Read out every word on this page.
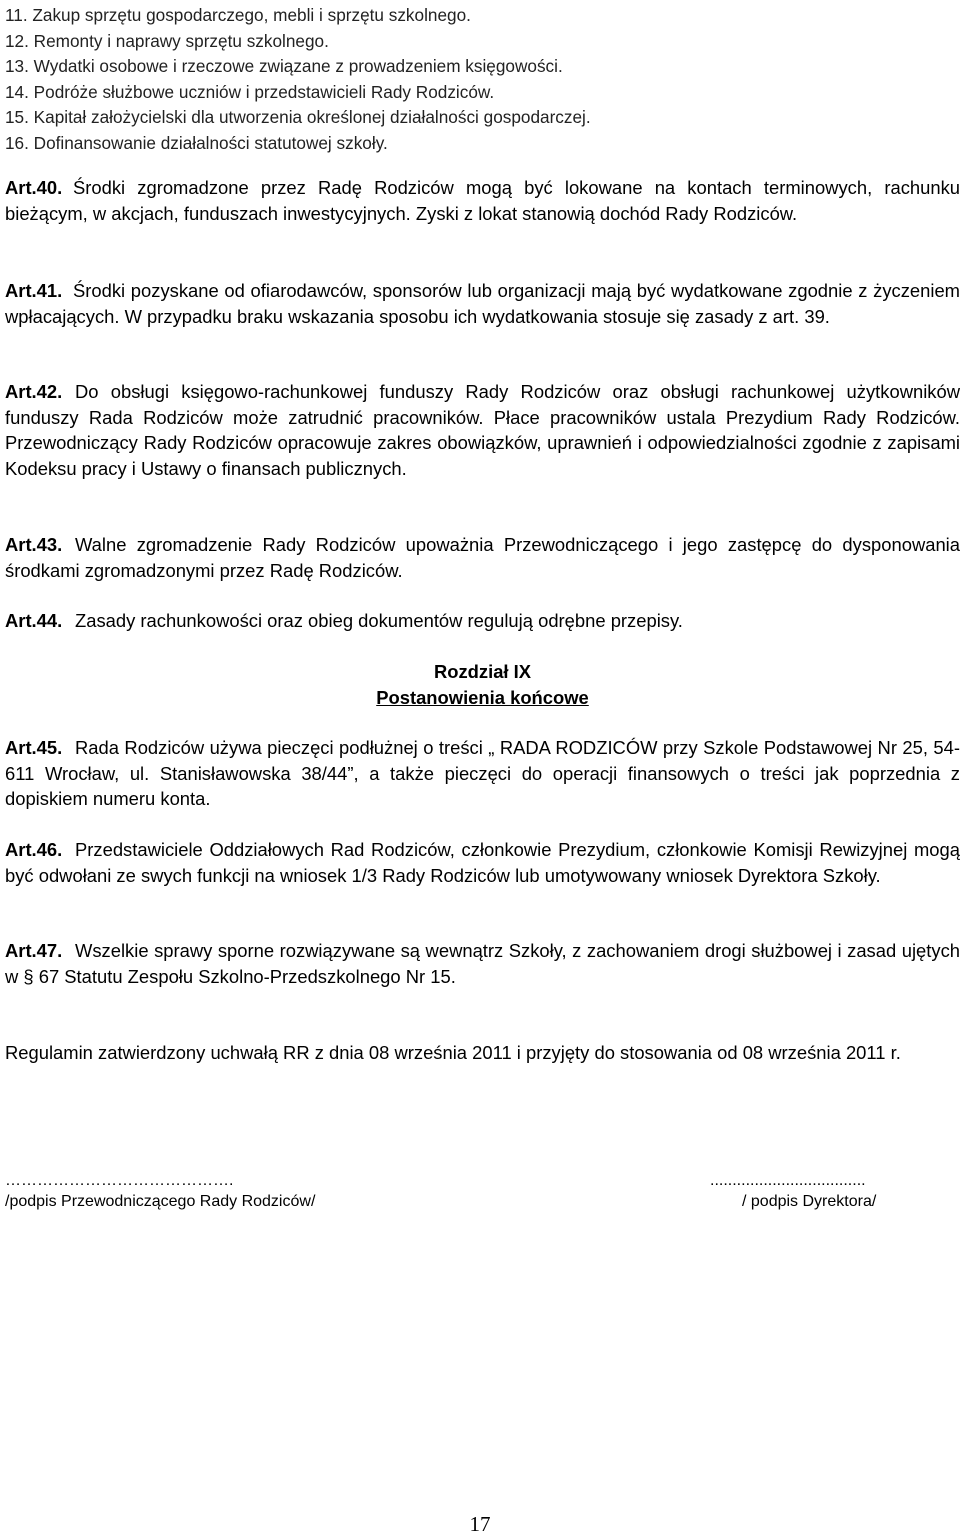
11. Zakup sprzętu gospodarczego, mebli i sprzętu szkolnego.
12. Remonty i naprawy sprzętu szkolnego.
13. Wydatki osobowe i rzeczowe związane z prowadzeniem księgowości.
14. Podróże służbowe uczniów i przedstawicieli Rady Rodziców.
15. Kapitał założycielski dla utworzenia określonej działalności gospodarczej.
16. Dofinansowanie działalności statutowej szkoły.

Art.40. Środki zgromadzone przez Radę Rodziców mogą być lokowane na kontach terminowych, rachunku bieżącym, w akcjach, funduszach inwestycyjnych. Zyski z lokat stanowią dochód Rady Rodziców.

Art.41. Środki pozyskane od ofiarodawców, sponsorów lub organizacji mają być wydatkowane zgodnie z życzeniem wpłacających. W przypadku braku wskazania sposobu ich wydatkowania stosuje się zasady z art. 39.

Art.42. Do obsługi księgowo-rachunkowej funduszy Rady Rodziców oraz obsługi rachunkowej użytkowników funduszy Rada Rodziców może zatrudnić pracowników. Płace pracowników ustala Prezydium Rady Rodziców. Przewodniczący Rady Rodziców opracowuje zakres obowiązków, uprawnień i odpowiedzialności zgodnie z zapisami Kodeksu pracy i Ustawy o finansach publicznych.

Art.43. Walne zgromadzenie Rady Rodziców upoważnia Przewodniczącego i jego zastępcę do dysponowania środkami zgromadzonymi przez Radę Rodziców.

Art.44. Zasady rachunkowości oraz obieg dokumentów regulują odrębne przepisy.

Rozdział IX
Postanowienia końcowe

Art.45. Rada Rodziców używa pieczęci podłużnej o treści „ RADA RODZICÓW przy Szkole Podstawowej Nr 25, 54-611 Wrocław, ul. Stanisławowska 38/44”, a także pieczęci do operacji finansowych o treści jak poprzednia z dopiskiem numeru konta.

Art.46. Przedstawiciele Oddziałowych Rad Rodziców, członkowie Prezydium, członkowie Komisji Rewizyjnej mogą być odwołani ze swych funkcji na wniosek 1/3 Rady Rodziców lub umotywowany wniosek Dyrektora Szkoły.

Art.47. Wszelkie sprawy sporne rozwiązywane są wewnątrz Szkoły, z zachowaniem drogi służbowej i zasad ujętych w § 67 Statutu Zespołu Szkolno-Przedszkolnego Nr 15.

Regulamin zatwierdzony uchwałą RR z dnia 08 września 2011 i przyjęty do stosowania od 08 września 2011 r.

…………………………………….
/podpis Przewodniczącego Rady Rodziców/
...................................
/ podpis Dyrektora/
17
